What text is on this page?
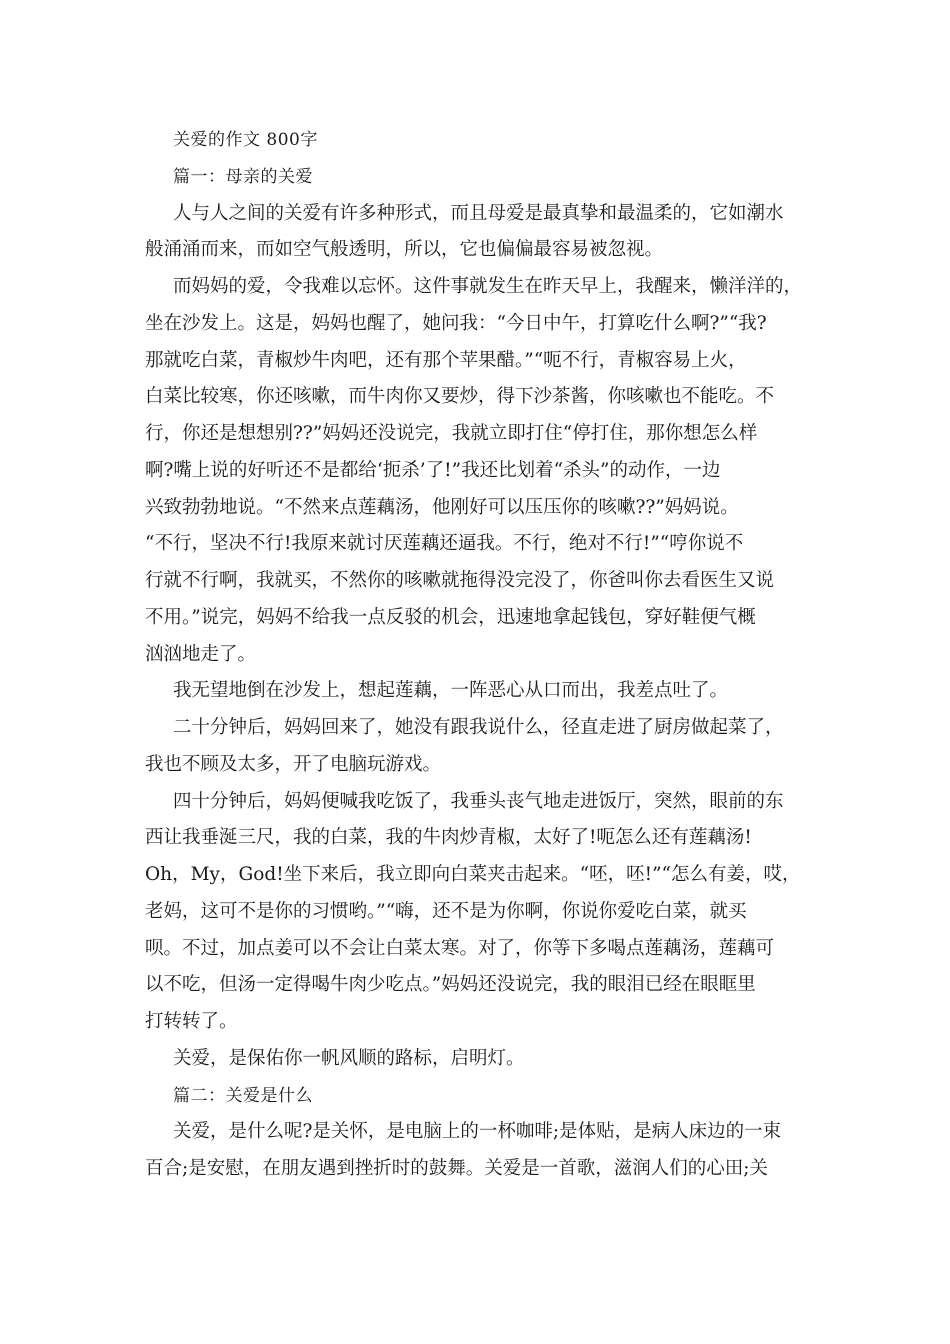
关爱的作文 800字
篇一：母亲的关爱
人与人之间的关爱有许多种形式，而且母爱是最真挚和最温柔的，它如潮水
般涌涌而来，而如空气般透明，所以，它也偏偏最容易被忽视。
而妈妈的爱，令我难以忘怀。这件事就发生在昨天早上，我醒来，懒洋洋的，
坐在沙发上。这是，妈妈也醒了，她问我：“今日中午，打算吃什么啊?”“我?
那就吃白菜，青椒炒牛肉吧，还有那个苹果醋。”“呃不行，青椒容易上火，
白菜比较寒，你还咳嗽，而牛肉你又要炒，得下沙茶酱，你咳嗽也不能吃。不
行，你还是想想别??”妈妈还没说完，我就立即打住“停打住，那你想怎么样
啊?嘴上说的好听还不是都给‘扼杀’了!”我还比划着“杀头”的动作，一边
兴致勃勃地说。“不然来点莲藕汤，他刚好可以压压你的咳嗽??”妈妈说。
“不行，坚决不行!我原来就讨厌莲藕还逼我。不行，绝对不行!”“哼你说不
行就不行啊，我就买，不然你的咳嗽就拖得没完没了，你爸叫你去看医生又说
不用。”说完，妈妈不给我一点反驳的机会，迅速地拿起钱包，穿好鞋便气概
汹汹地走了。
我无望地倒在沙发上，想起莲藕，一阵恶心从口而出，我差点吐了。
二十分钟后，妈妈回来了，她没有跟我说什么，径直走进了厨房做起菜了，
我也不顾及太多，开了电脑玩游戏。
四十分钟后，妈妈便喊我吃饭了，我垂头丧气地走进饭厅，突然，眼前的东
西让我垂涎三尺，我的白菜，我的牛肉炒青椒，太好了!呃怎么还有莲藕汤!
Oh，My，God!坐下来后，我立即向白菜夹击起来。“呸，呸!”“怎么有姜，哎，
老妈，这可不是你的习惯哟。”“嗨，还不是为你啊，你说你爱吃白菜，就买
呗。不过，加点姜可以不会让白菜太寒。对了，你等下多喝点莲藕汤，莲藕可
以不吃，但汤一定得喝牛肉少吃点。”妈妈还没说完，我的眼泪已经在眼眶里
打转转了。
关爱，是保佑你一帆风顺的路标，启明灯。
篇二：关爱是什么
关爱，是什么呢?是关怀，是电脑上的一杯咖啡;是体贴，是病人床边的一束
百合;是安慰，在朋友遇到挫折时的鼓舞。关爱是一首歌，滋润人们的心田;关
